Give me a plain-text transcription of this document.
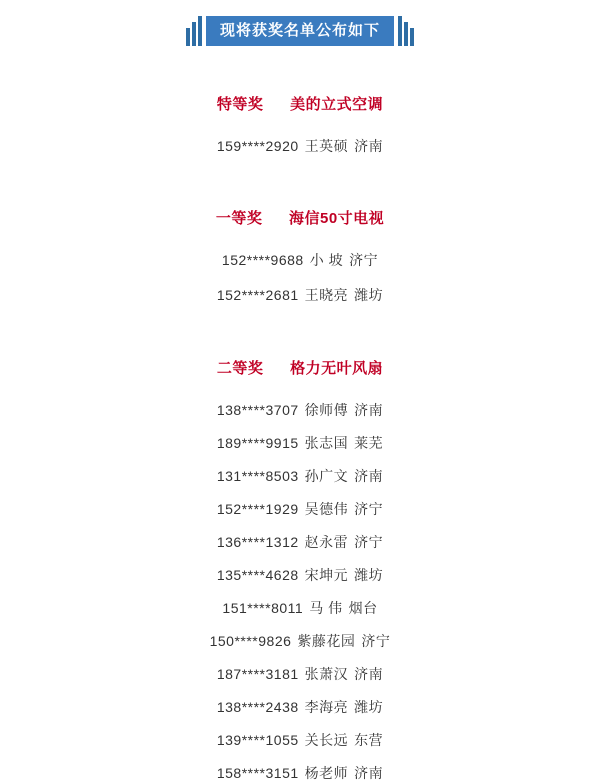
现将获奖名单公布如下
特等奖 美的立式空调
159****2920 王英硕 济南
一等奖 海信50寸电视
152****9688 小 坡 济宁
152****2681 王晓亮 潍坊
二等奖 格力无叶风扇
138****3707 徐师傅 济南
189****9915 张志国 莱芜
131****8503 孙广文 济南
152****1929 吴德伟 济宁
136****1312 赵永雷 济宁
135****4628 宋坤元 潍坊
151****8011 马 伟 烟台
150****9826 紫藤花园 济宁
187****3181 张萧汉 济南
138****2438 李海亮 潍坊
139****1055 关长远 东营
158****3151 杨老师 济南
